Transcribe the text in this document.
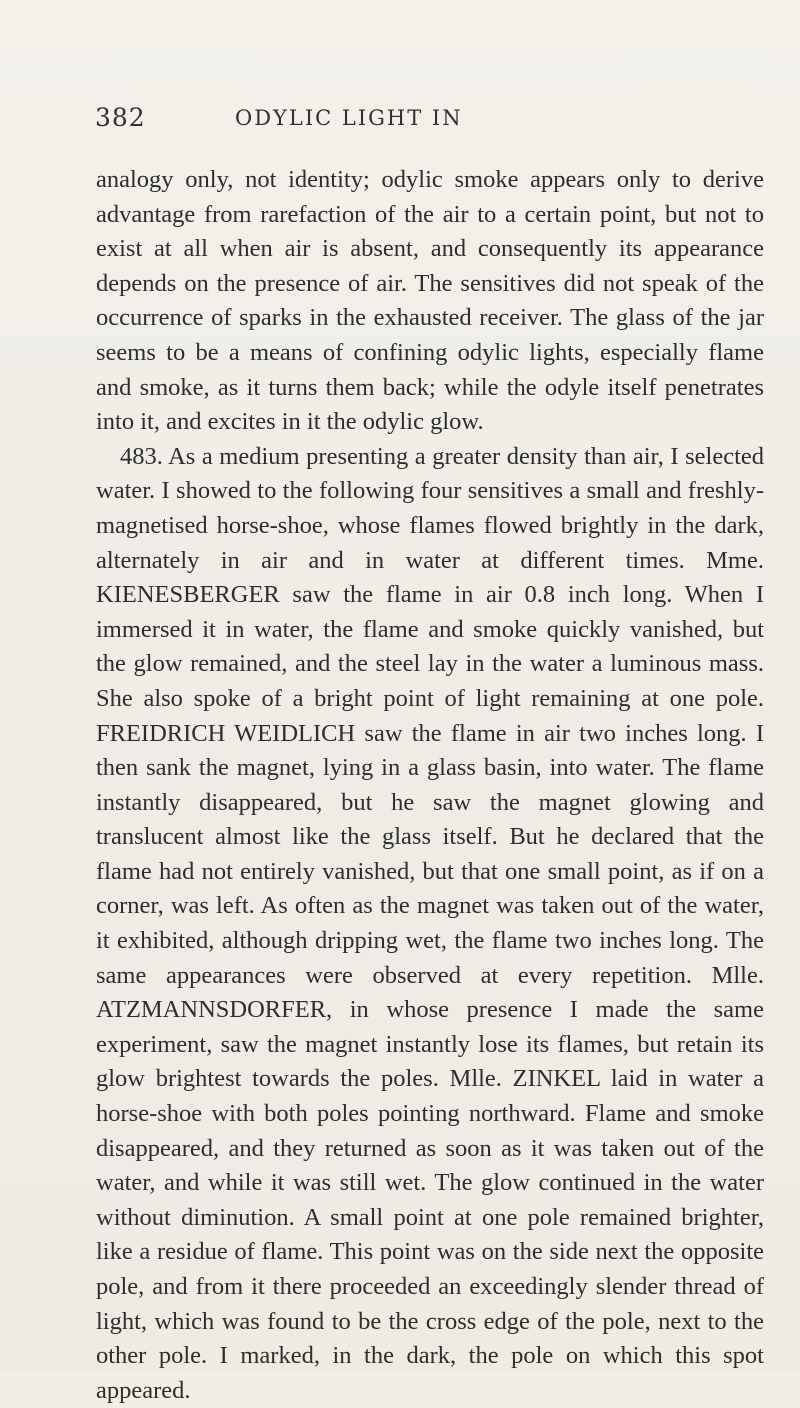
382	ODYLIC LIGHT IN

analogy only, not identity; odylic smoke appears only to derive advantage from rarefaction of the air to a certain point, but not to exist at all when air is absent, and consequently its appearance depends on the presence of air. The sensitives did not speak of the occurrence of sparks in the exhausted receiver. The glass of the jar seems to be a means of confining odylic lights, especially flame and smoke, as it turns them back; while the odyle itself penetrates into it, and excites in it the odylic glow.

483. As a medium presenting a greater density than air, I selected water. I showed to the following four sensitives a small and freshly-magnetised horse-shoe, whose flames flowed brightly in the dark, alternately in air and in water at different times. Mme. KIENESBERGER saw the flame in air 0.8 inch long. When I immersed it in water, the flame and smoke quickly vanished, but the glow remained, and the steel lay in the water a luminous mass. She also spoke of a bright point of light remaining at one pole. FREIDRICH WEIDLICH saw the flame in air two inches long. I then sank the magnet, lying in a glass basin, into water. The flame instantly disappeared, but he saw the magnet glowing and translucent almost like the glass itself. But he declared that the flame had not entirely vanished, but that one small point, as if on a corner, was left. As often as the magnet was taken out of the water, it exhibited, although dripping wet, the flame two inches long. The same appearances were observed at every repetition. Mlle. ATZMANNSDORFER, in whose presence I made the same experiment, saw the magnet instantly lose its flames, but retain its glow brightest towards the poles. Mlle. ZINKEL laid in water a horse-shoe with both poles pointing northward. Flame and smoke disappeared, and they returned as soon as it was taken out of the water, and while it was still wet. The glow continued in the water without diminution. A small point at one pole remained brighter, like a residue of flame. This point was on the side next the opposite pole, and from it there proceeded an exceedingly slender thread of light, which was found to be the cross edge of the pole, next to the other pole. I marked, in the dark, the pole on which this spot appeared.
